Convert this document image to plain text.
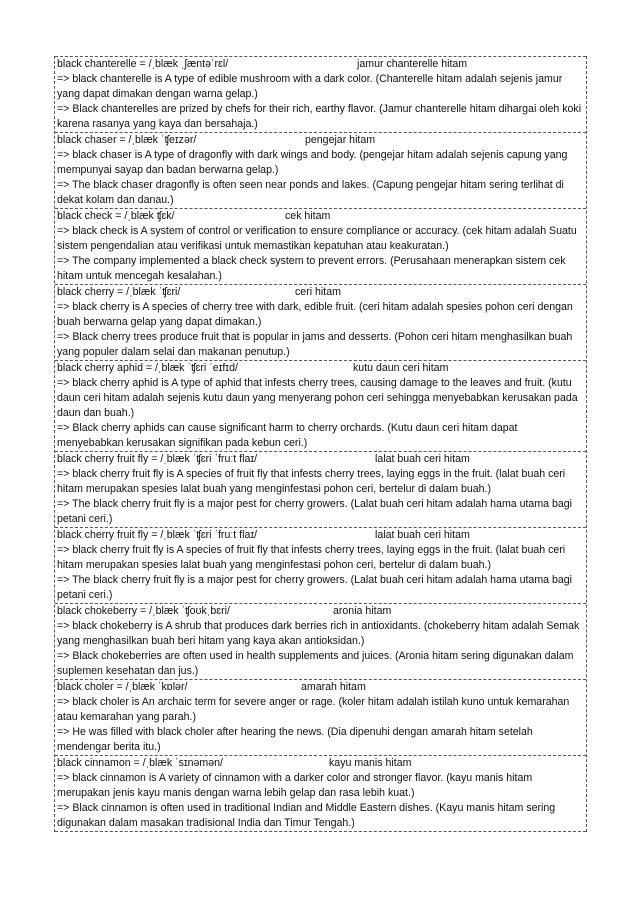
black chanterelle = /ˌblæk ˌʃæntəˈrɛl/	jamur chanterelle hitam
=> black chanterelle is A type of edible mushroom with a dark color. (Chanterelle hitam adalah sejenis jamur yang dapat dimakan dengan warna gelap.)
=> Black chanterelles are prized by chefs for their rich, earthy flavor. (Jamur chanterelle hitam dihargai oleh koki karena rasanya yang kaya dan bersahaja.)
black chaser = /ˌblæk ˈʧeɪzər/	pengejar hitam
=> black chaser is A type of dragonfly with dark wings and body. (pengejar hitam adalah sejenis capung yang mempunyai sayap dan badan berwarna gelap.)
=> The black chaser dragonfly is often seen near ponds and lakes. (Capung pengejar hitam sering terlihat di dekat kolam dan danau.)
black check = /ˌblæk ʧɛk/	cek hitam
=> black check is A system of control or verification to ensure compliance or accuracy. (cek hitam adalah Suatu sistem pengendalian atau verifikasi untuk memastikan kepatuhan atau keakuratan.)
=> The company implemented a black check system to prevent errors. (Perusahaan menerapkan sistem cek hitam untuk mencegah kesalahan.)
black cherry = /ˌblæk ˈʧɛri/	ceri hitam
=> black cherry is A species of cherry tree with dark, edible fruit. (ceri hitam adalah spesies pohon ceri dengan buah berwarna gelap yang dapat dimakan.)
=> Black cherry trees produce fruit that is popular in jams and desserts. (Pohon ceri hitam menghasilkan buah yang populer dalam selai dan makanan penutup.)
black cherry aphid = /ˌblæk ˈʧɛri ˈeɪfɪd/	kutu daun ceri hitam
=> black cherry aphid is A type of aphid that infests cherry trees, causing damage to the leaves and fruit. (kutu daun ceri hitam adalah sejenis kutu daun yang menyerang pohon ceri sehingga menyebabkan kerusakan pada daun dan buah.)
=> Black cherry aphids can cause significant harm to cherry orchards. (Kutu daun ceri hitam dapat menyebabkan kerusakan signifikan pada kebun ceri.)
black cherry fruit fly = /ˌblæk ˈʧɛri ˈfruːt flaɪ/	lalat buah ceri hitam
=> black cherry fruit fly is A species of fruit fly that infests cherry trees, laying eggs in the fruit. (lalat buah ceri hitam merupakan spesies lalat buah yang menginfestasi pohon ceri, bertelur di dalam buah.)
=> The black cherry fruit fly is a major pest for cherry growers. (Lalat buah ceri hitam adalah hama utama bagi petani ceri.)
black cherry fruit fly = /ˌblæk ˈʧɛri ˈfruːt flaɪ/	lalat buah ceri hitam
=> black cherry fruit fly is A species of fruit fly that infests cherry trees, laying eggs in the fruit. (lalat buah ceri hitam merupakan spesies lalat buah yang menginfestasi pohon ceri, bertelur di dalam buah.)
=> The black cherry fruit fly is a major pest for cherry growers. (Lalat buah ceri hitam adalah hama utama bagi petani ceri.)
black chokeberry = /ˌblæk ˈʧoʊkˌbɛri/	aronia hitam
=> black chokeberry is A shrub that produces dark berries rich in antioxidants. (chokeberry hitam adalah Semak yang menghasilkan buah beri hitam yang kaya akan antioksidan.)
=> Black chokeberries are often used in health supplements and juices. (Aronia hitam sering digunakan dalam suplemen kesehatan dan jus.)
black choler = /ˌblæk ˈkɒlər/	amarah hitam
=> black choler is An archaic term for severe anger or rage. (koler hitam adalah istilah kuno untuk kemarahan atau kemarahan yang parah.)
=> He was filled with black choler after hearing the news. (Dia dipenuhi dengan amarah hitam setelah mendengar berita itu.)
black cinnamon = /ˌblæk ˈsɪnəmən/	kayu manis hitam
=> black cinnamon is A variety of cinnamon with a darker color and stronger flavor. (kayu manis hitam merupakan jenis kayu manis dengan warna lebih gelap dan rasa lebih kuat.)
=> Black cinnamon is often used in traditional Indian and Middle Eastern dishes. (Kayu manis hitam sering digunakan dalam masakan tradisional India dan Timur Tengah.)
